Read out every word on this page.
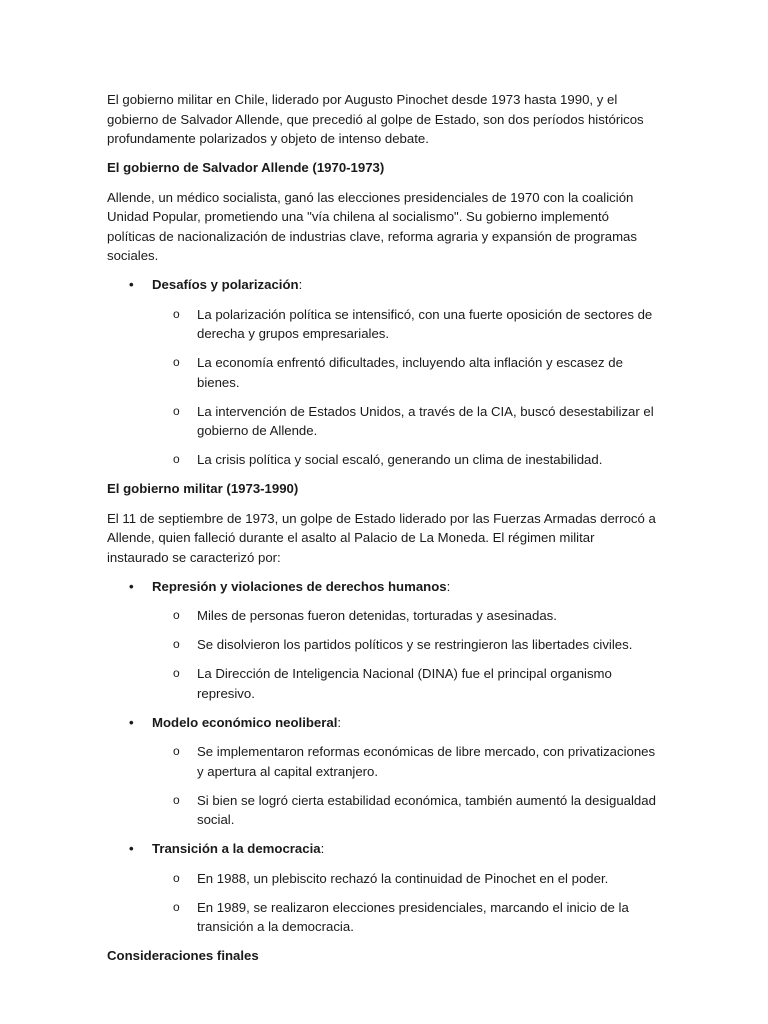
El gobierno militar en Chile, liderado por Augusto Pinochet desde 1973 hasta 1990, y el gobierno de Salvador Allende, que precedió al golpe de Estado, son dos períodos históricos profundamente polarizados y objeto de intenso debate.

El gobierno de Salvador Allende (1970-1973)

Allende, un médico socialista, ganó las elecciones presidenciales de 1970 con la coalición Unidad Popular, prometiendo una "vía chilena al socialismo". Su gobierno implementó políticas de nacionalización de industrias clave, reforma agraria y expansión de programas sociales.

• Desafíos y polarización:
o La polarización política se intensificó, con una fuerte oposición de sectores de derecha y grupos empresariales.
o La economía enfrentó dificultades, incluyendo alta inflación y escasez de bienes.
o La intervención de Estados Unidos, a través de la CIA, buscó desestabilizar el gobierno de Allende.
o La crisis política y social escaló, generando un clima de inestabilidad.

El gobierno militar (1973-1990)

El 11 de septiembre de 1973, un golpe de Estado liderado por las Fuerzas Armadas derrocó a Allende, quien falleció durante el asalto al Palacio de La Moneda. El régimen militar instaurado se caracterizó por:

• Represión y violaciones de derechos humanos:
o Miles de personas fueron detenidas, torturadas y asesinadas.
o Se disolvieron los partidos políticos y se restringieron las libertades civiles.
o La Dirección de Inteligencia Nacional (DINA) fue el principal organismo represivo.
• Modelo económico neoliberal:
o Se implementaron reformas económicas de libre mercado, con privatizaciones y apertura al capital extranjero.
o Si bien se logró cierta estabilidad económica, también aumentó la desigualdad social.
• Transición a la democracia:
o En 1988, un plebiscito rechazó la continuidad de Pinochet en el poder.
o En 1989, se realizaron elecciones presidenciales, marcando el inicio de la transición a la democracia.

Consideraciones finales
